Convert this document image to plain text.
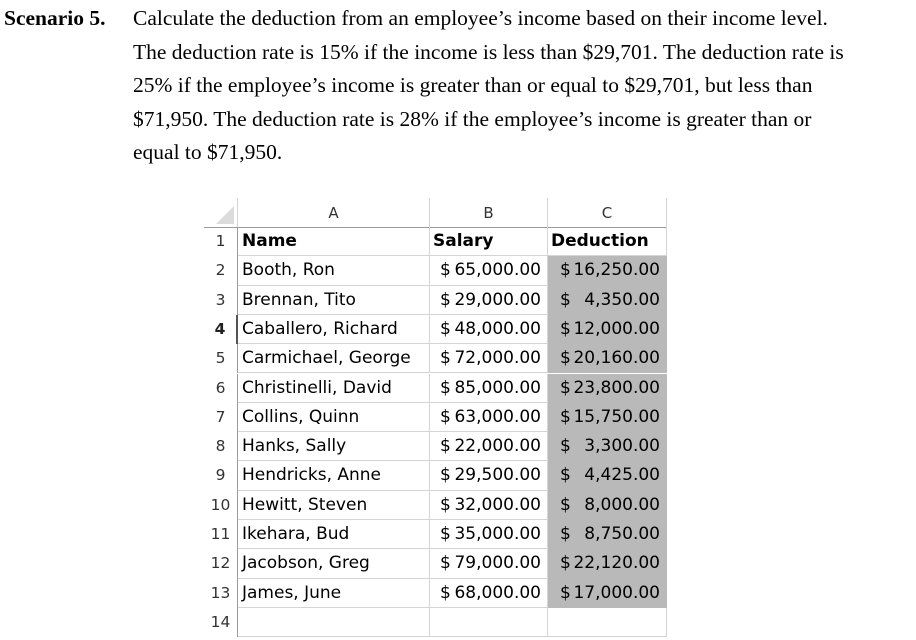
Scenario 5. Calculate the deduction from an employee’s income based on their income level.
The deduction rate is 15% if the income is less than $29,701. The deduction rate is
25% if the employee’s income is greater than or equal to $29,701, but less than
$71,950. The deduction rate is 28% if the employee’s income is greater than or
equal to $71,950.
A	B	C
1 Name	Salary	Deduction
2 Booth, Ron	$ 65,000.00 $ 16,250.00
3 Brennan, Tito	$ 29,000.00 $ 4,350.00
4 Caballero, Richard	$ 48,000.00 $ 12,000.00
5 Carmichael, George	$ 72,000.00 $ 20,160.00
6 Christinelli, David	$ 85,000.00 $ 23,800.00
7 Collins, Quinn	$ 63,000.00 $ 15,750.00
8 Hanks, Sally	$ 22,000.00 $ 3,300.00
9 Hendricks, Anne	$ 29,500.00 $ 4,425.00
10 Hewitt, Steven	$ 32,000.00 $ 8,000.00
11 Ikehara, Bud	$ 35,000.00 $ 8,750.00
12 Jacobson, Greg	$ 79,000.00 $ 22,120.00
13 James, June	$ 68,000.00 $ 17,000.00
14
